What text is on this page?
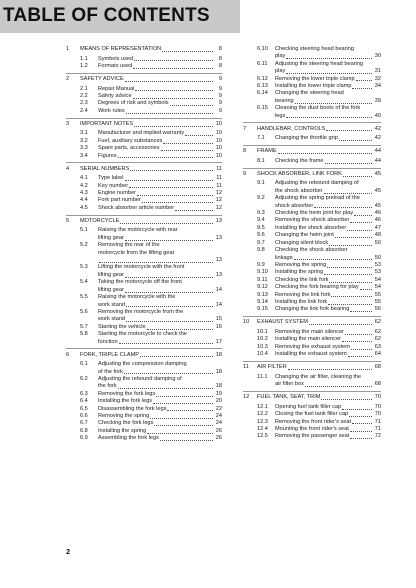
TABLE OF CONTENTS
1	MEANS OF REPRESENTATION	8
1.1	Symbols used	8
1.2	Formats used	8
2	SAFETY ADVICE	9
2.1	Repair Manual	9
2.2	Safety advice	9
2.3	Degrees of risk and symbols	9
2.4	Work rules	9
3	IMPORTANT NOTES	10
3.1	Manufacturer and implied warranty	10
3.2	Fuel, auxiliary substances	10
3.3	Spare parts, accessories	10
3.4	Figures	10
4	SERIAL NUMBERS	11
4.1	Type label	11
4.2	Key number	11
4.3	Engine number	12
4.4	Fork part number	12
4.5	Shock absorber article number	12
5	MOTORCYCLE	13
5.1	Raising the motorcycle with rear
lifting gear	13
5.2	Removing the rear of the
motorcycle from the lifting gear
13
5.3	Lifting the motorcycle with the front
lifting gear	13
5.4	Taking the motorcycle off the front
lifting gear	14
5.5	Raising the motorcycle with the
work stand	14
5.6	Removing the motorcycle from the
work stand	15
5.7	Starting the vehicle	16
5.8	Starting the motorcycle to check the
function	17
6	FORK, TRIPLE CLAMP	18
6.1	Adjusting the compression damping
of the fork	18
6.2	Adjusting the rebound damping of
the fork	18
6.3	Removing the fork legs	19
6.4	Installing the fork legs	20
6.5	Disassembling the fork legs	22
6.6	Removing the spring	24
6.7	Checking the fork legs	24
6.8	Installing the spring	26
6.9	Assembling the fork legs	26
6.10	Checking steering head bearing
play	30
6.11	Adjusting the steering head bearing
play	31
6.12	Removing the lower triple clamp	32
6.13	Installing the lower triple clamp	34
6.14	Changing the steering head
bearing	39
6.15	Cleaning the dust boots of the fork
legs	40
7	HANDLEBAR, CONTROLS	42
7.1	Changing the throttle grip	42
8	FRAME	44
8.1	Checking the frame	44
9	SHOCK ABSORBER, LINK FORK	45
9.1	Adjusting the rebound damping of
the shock absorber	45
9.2	Adjusting the spring preload of the
shock absorber	45
9.3	Checking the heim joint for play	46
9.4	Removing the shock absorber	46
9.5	Installing the shock absorber	47
9.6	Changing the heim joint	48
9.7	Changing silent block	50
9.8	Checking the shock absorber
linkage	50
9.9	Removing the spring	53
9.10	Installing the spring	53
9.11	Checking the link fork	54
9.12	Checking the fork bearing for play	54
9.13	Removing the link fork	55
9.14	Installing the link fork	55
9.15	Changing the link fork bearing	56
10	EXHAUST SYSTEM	62
10.1	Removing the main silencer	62
10.2	Installing the main silencer	62
10.3	Removing the exhaust system	63
10.4	Installing the exhaust system	64
11	AIR FILTER	68
11.1	Changing the air filter, cleaning the
air filter box	68
12	FUEL TANK, SEAT, TRIM	70
12.1	Opening fuel tank filler cap	70
12.2	Closing the fuel tank filler cap	70
12.3	Removing the front rider's seat	71
12.4	Mounting the front rider's seat	71
12.5	Removing the passenger seat	72
2
